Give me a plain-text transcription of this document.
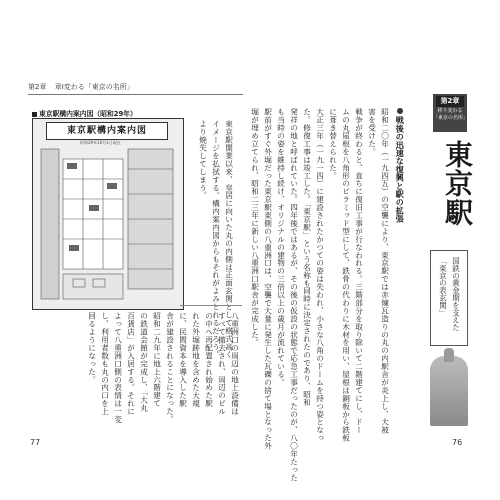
第2章 章Ⅰ変わる「東京の名所」
東京駅構内案内図（昭和29年）
東京駅構内案内図
昭和29年10月1日現在	東京駅開業以来、皇居に向いた丸の内側は正面玄関として格式高く
イメージを払拭する。構内案内図からもそれがよみとれるだろう。
より焼失してしまう。
八重洲口の周辺の地上設備は
すべて撤去され、周辺のビル
の中へ再配置され始めた駅
れた外堀跡地を含めた大規
に、民間資本を導入した駅
舎が建設されることになった。
昭和二九年に地上六階建て
の鉄道会館が完成し、「大丸
百貨店」が入居する。それに
よって八重洲口側の表情は一変
し、利用者数も丸の内口を上
回るようになった。
77
第2章
移り変わる「東京の名所」
東京駅
国鉄の黄金期を支えた
「東京の表玄関」
戦後の迅速な復興と駅の拡張
昭和二〇年（一九四五）の空襲により、東京駅では赤煉瓦造りの丸の内駅舎が炎上し、大被
害を受けた。
戦争が終わると、直ちに復旧工事が行なわれる。三階部分を取り除いて二階建てにし、ドー
ムの丸屋根を八角形のピラミッド型にして、鉄骨の代わりに木材を用い、屋根は銅板から鉄板
に葺き替えられた。
大正三年（一九一四）に建設されたかつての姿は失われ、小さな八角のドームを持つ姿となっ
た。修復工事は竣工した。「東京駅」という名称も同時に決定されたのであり、昭和
発祥の地と呼ばれていた。四年後ではあるが、その後の仮設の状態で応急工事だったのが、八〇年たった
も当時の姿を維持し続け、オリジナルの建物の三倍以上の歳月が流れている。
駅前がすぐ外堀だった東京駅東側の八重洲口は、空襲で大量に発生した瓦礫の捨て場となった外
堀が埋め立てられ、昭和二三年に新しい八重洲口駅舎が完成した。
76
